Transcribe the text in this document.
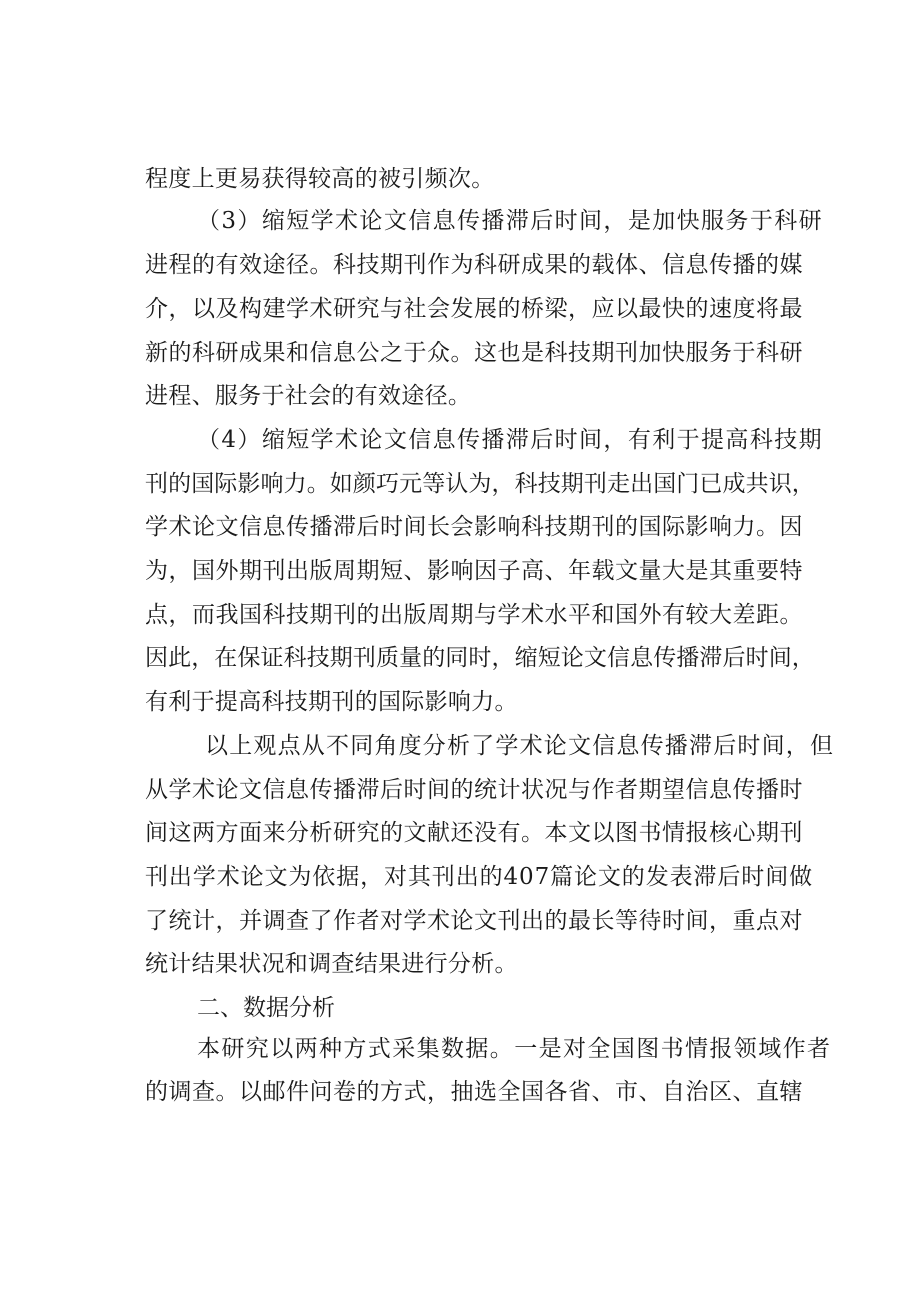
程度上更易获得较高的被引频次。
（3）缩短学术论文信息传播滞后时间，是加快服务于科研
进程的有效途径。科技期刊作为科研成果的载体、信息传播的媒
介，以及构建学术研究与社会发展的桥梁，应以最快的速度将最
新的科研成果和信息公之于众。这也是科技期刊加快服务于科研
进程、服务于社会的有效途径。
（4）缩短学术论文信息传播滞后时间，有利于提高科技期
刊的国际影响力。如颜巧元等认为，科技期刊走出国门已成共识，
学术论文信息传播滞后时间长会影响科技期刊的国际影响力。因
为，国外期刊出版周期短、影响因子高、年载文量大是其重要特
点，而我国科技期刊的出版周期与学术水平和国外有较大差距。
因此，在保证科技期刊质量的同时，缩短论文信息传播滞后时间，
有利于提高科技期刊的国际影响力。
以上观点从不同角度分析了学术论文信息传播滞后时间，但
从学术论文信息传播滞后时间的统计状况与作者期望信息传播时
间这两方面来分析研究的文献还没有。本文以图书情报核心期刊
刊出学术论文为依据，对其刊出的407篇论文的发表滞后时间做
了统计，并调查了作者对学术论文刊出的最长等待时间，重点对
统计结果状况和调查结果进行分析。
二、数据分析
本研究以两种方式采集数据。一是对全国图书情报领域作者
的调查。以邮件问卷的方式，抽选全国各省、市、自治区、直辖
